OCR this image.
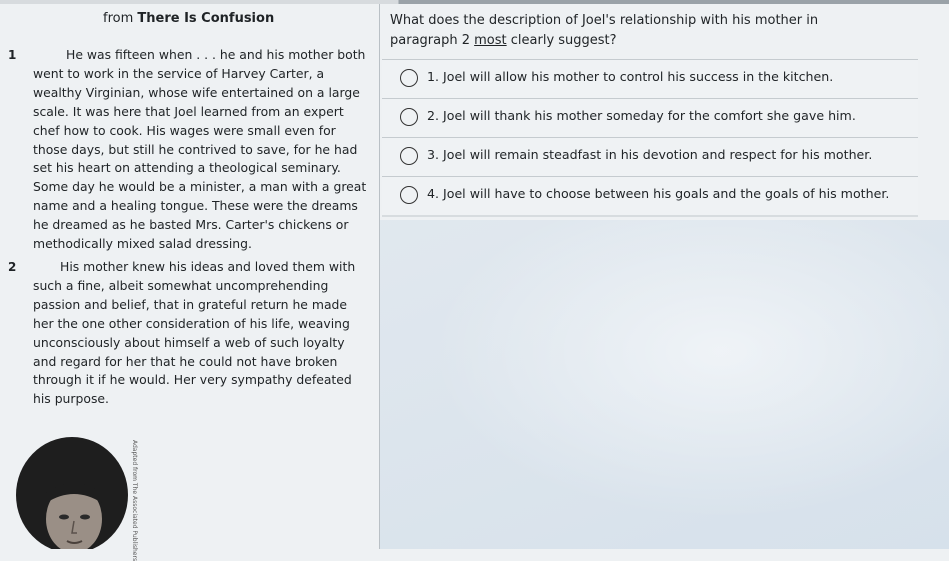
from There Is Confusion
1	He was fifteen when . . . he and his mother both
went to work in the service of Harvey Carter, a
wealthy Virginian, whose wife entertained on a large
scale. It was here that Joel learned from an expert
chef how to cook. His wages were small even for
those days, but still he contrived to save, for he had
set his heart on attending a theological seminary.
Some day he would be a minister, a man with a great
name and a healing tongue. These were the dreams
he dreamed as he basted Mrs. Carter's chickens or
methodically mixed salad dressing.
2	His mother knew his ideas and loved them with
such a fine, albeit somewhat uncomprehending
passion and belief, that in grateful return he made
her the one other consideration of his life, weaving
unconsciously about himself a web of such loyalty
and regard for her that he could not have broken
through it if he would. Her very sympathy defeated
his purpose.
Adapted from The Associated Publishers
What does the description of Joel's relationship with his mother in
paragraph 2 most clearly suggest?
1. Joel will allow his mother to control his success in the kitchen.
2. Joel will thank his mother someday for the comfort she gave him.
3. Joel will remain steadfast in his devotion and respect for his mother.
4. Joel will have to choose between his goals and the goals of his mother.
